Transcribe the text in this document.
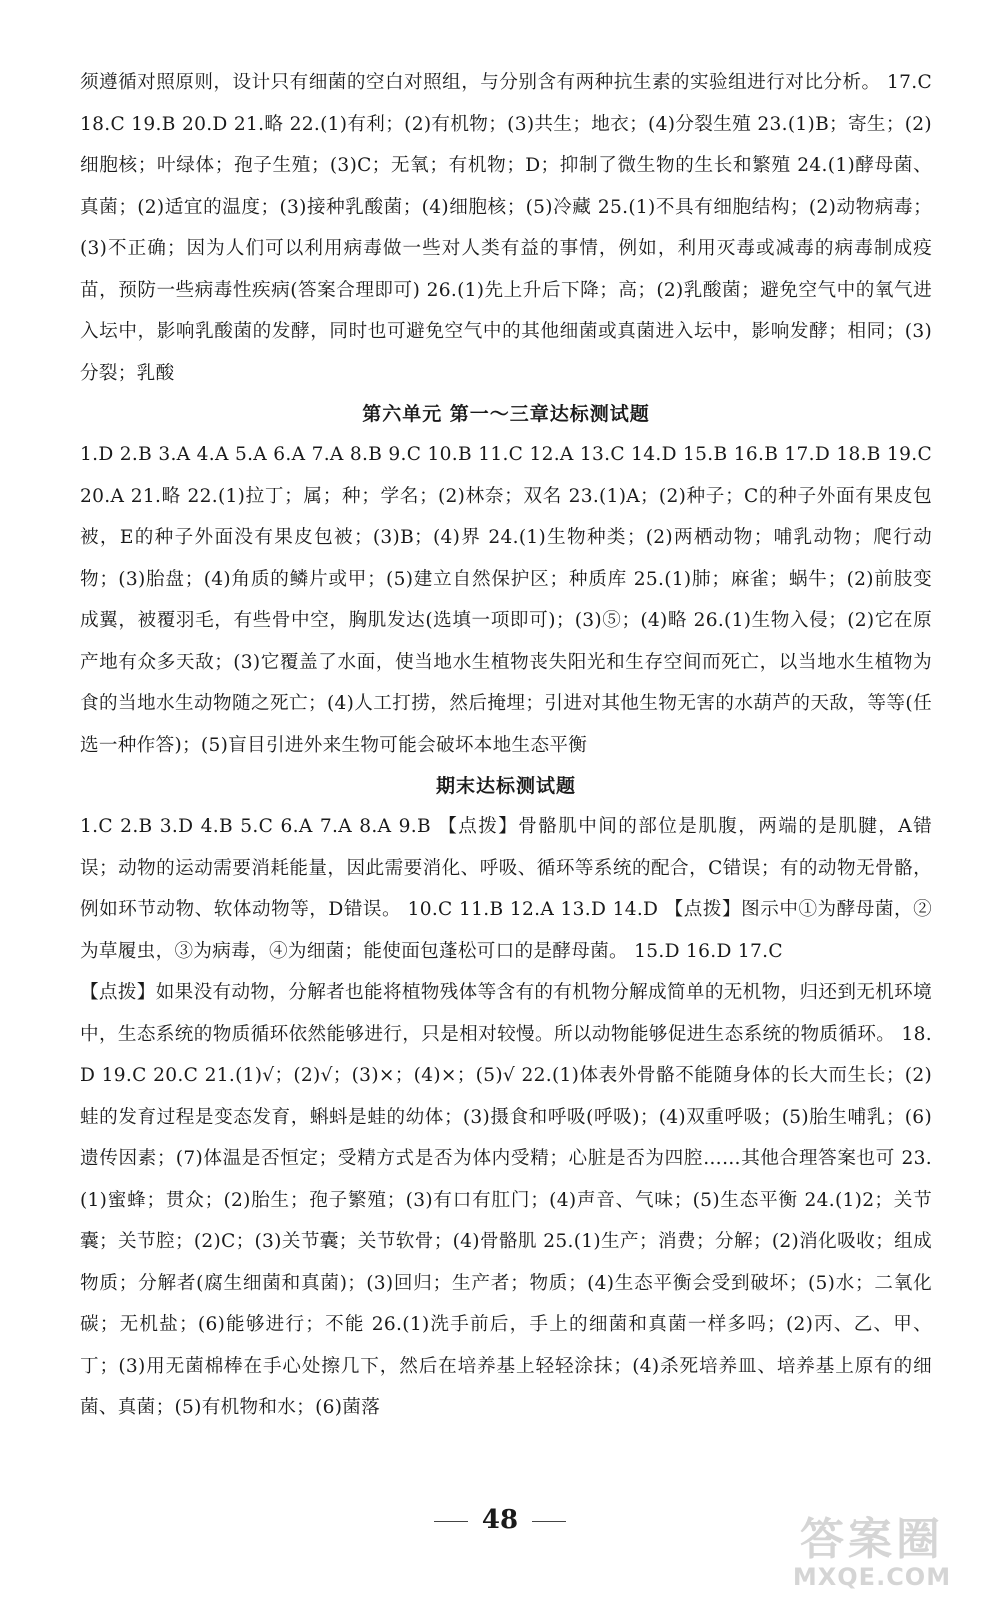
须遵循对照原则，设计只有细菌的空白对照组，与分别含有两种抗生素的实验组进行对比分析。 17.C 18.C 19.B 20.D 21.略 22.(1)有利；(2)有机物；(3)共生；地衣；(4)分裂生殖 23.(1)B；寄生；(2)细胞核；叶绿体；孢子生殖；(3)C；无氧；有机物；D；抑制了微生物的生长和繁殖 24.(1)酵母菌、真菌；(2)适宜的温度；(3)接种乳酸菌；(4)细胞核；(5)冷藏 25.(1)不具有细胞结构；(2)动物病毒；(3)不正确；因为人们可以利用病毒做一些对人类有益的事情，例如，利用灭毒或减毒的病毒制成疫苗，预防一些病毒性疾病(答案合理即可) 26.(1)先上升后下降；高；(2)乳酸菌；避免空气中的氧气进入坛中，影响乳酸菌的发酵，同时也可避免空气中的其他细菌或真菌进入坛中，影响发酵；相同；(3)分裂；乳酸

第六单元 第一～三章达标测试题

1.D 2.B 3.A 4.A 5.A 6.A 7.A 8.B 9.C 10.B 11.C 12.A 13.C 14.D 15.B 16.B 17.D 18.B 19.C 20.A 21.略 22.(1)拉丁；属；种；学名；(2)林奈；双名 23.(1)A；(2)种子；C的种子外面有果皮包被，E的种子外面没有果皮包被；(3)B；(4)界 24.(1)生物种类；(2)两栖动物；哺乳动物；爬行动物；(3)胎盘；(4)角质的鳞片或甲；(5)建立自然保护区；种质库 25.(1)肺；麻雀；蜗牛；(2)前肢变成翼，被覆羽毛，有些骨中空，胸肌发达(选填一项即可)；(3)⑤；(4)略 26.(1)生物入侵；(2)它在原产地有众多天敌；(3)它覆盖了水面，使当地水生植物丧失阳光和生存空间而死亡，以当地水生植物为食的当地水生动物随之死亡；(4)人工打捞，然后掩埋；引进对其他生物无害的水葫芦的天敌，等等(任选一种作答)；(5)盲目引进外来生物可能会破坏本地生态平衡

期末达标测试题

1.C 2.B 3.D 4.B 5.C 6.A 7.A 8.A 9.B 【点拨】骨骼肌中间的部位是肌腹，两端的是肌腱，A错误；动物的运动需要消耗能量，因此需要消化、呼吸、循环等系统的配合，C错误；有的动物无骨骼，例如环节动物、软体动物等，D错误。 10.C 11.B 12.A 13.D 14.D 【点拨】图示中①为酵母菌，②为草履虫，③为病毒，④为细菌；能使面包蓬松可口的是酵母菌。 15.D 16.D 17.C

【点拨】如果没有动物，分解者也能将植物残体等含有的有机物分解成简单的无机物，归还到无机环境中，生态系统的物质循环依然能够进行，只是相对较慢。所以动物能够促进生态系统的物质循环。 18.D 19.C 20.C 21.(1)√；(2)√；(3)×；(4)×；(5)√ 22.(1)体表外骨骼不能随身体的长大而生长；(2)蛙的发育过程是变态发育，蝌蚪是蛙的幼体；(3)摄食和呼吸(呼吸)；(4)双重呼吸；(5)胎生哺乳；(6)遗传因素；(7)体温是否恒定；受精方式是否为体内受精；心脏是否为四腔……其他合理答案也可 23.(1)蜜蜂；贯众；(2)胎生；孢子繁殖；(3)有口有肛门；(4)声音、气味；(5)生态平衡 24.(1)2；关节囊；关节腔；(2)C；(3)关节囊；关节软骨；(4)骨骼肌 25.(1)生产；消费；分解；(2)消化吸收；组成物质；分解者(腐生细菌和真菌)；(3)回归；生产者；物质；(4)生态平衡会受到破坏；(5)水；二氧化碳；无机盐；(6)能够进行；不能 26.(1)洗手前后，手上的细菌和真菌一样多吗；(2)丙、乙、甲、丁；(3)用无菌棉棒在手心处擦几下，然后在培养基上轻轻涂抹；(4)杀死培养皿、培养基上原有的细菌、真菌；(5)有机物和水；(6)菌落

48	答案圈
MXQE.COM
